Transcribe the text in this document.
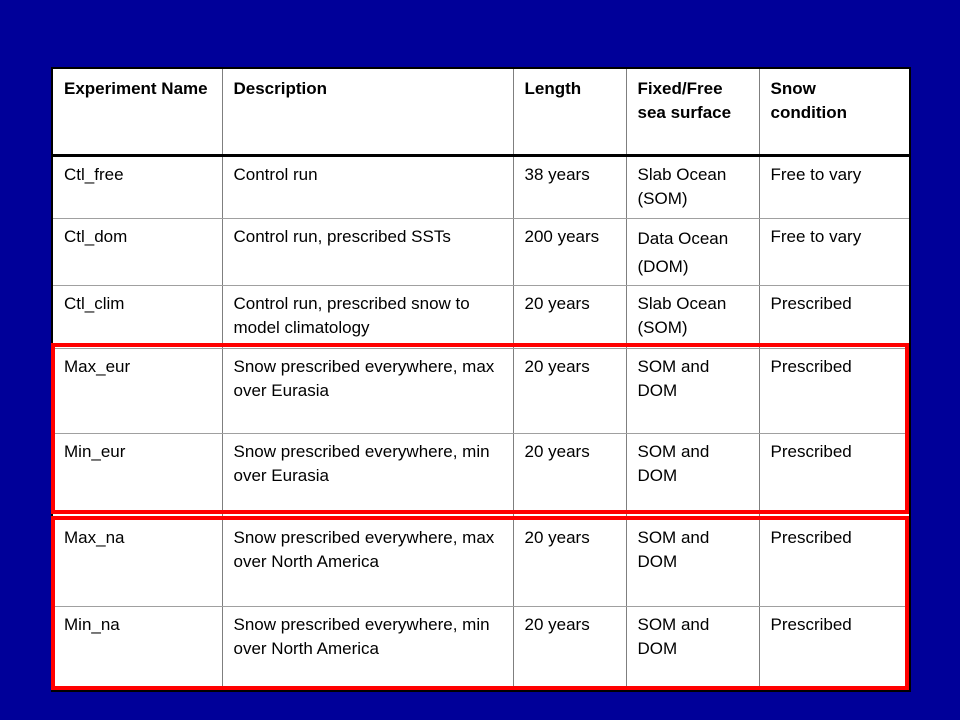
Experiment Name	Description	Length	Fixed/Free sea surface	Snow condition
Ctl_free	Control run	38 years	Slab Ocean (SOM)	Free to vary
Ctl_dom	Control run, prescribed SSTs	200 years	Data Ocean (DOM)	Free to vary
Ctl_clim	Control run, prescribed snow to model climatology	20 years	Slab Ocean (SOM)	Prescribed
Max_eur	Snow prescribed everywhere, max over Eurasia	20 years	SOM and DOM	Prescribed
Min_eur	Snow prescribed everywhere, min over Eurasia	20 years	SOM and DOM	Prescribed
Max_na	Snow prescribed everywhere, max over North America	20 years	SOM and DOM	Prescribed
Min_na	Snow prescribed everywhere, min over North America	20 years	SOM and DOM	Prescribed
